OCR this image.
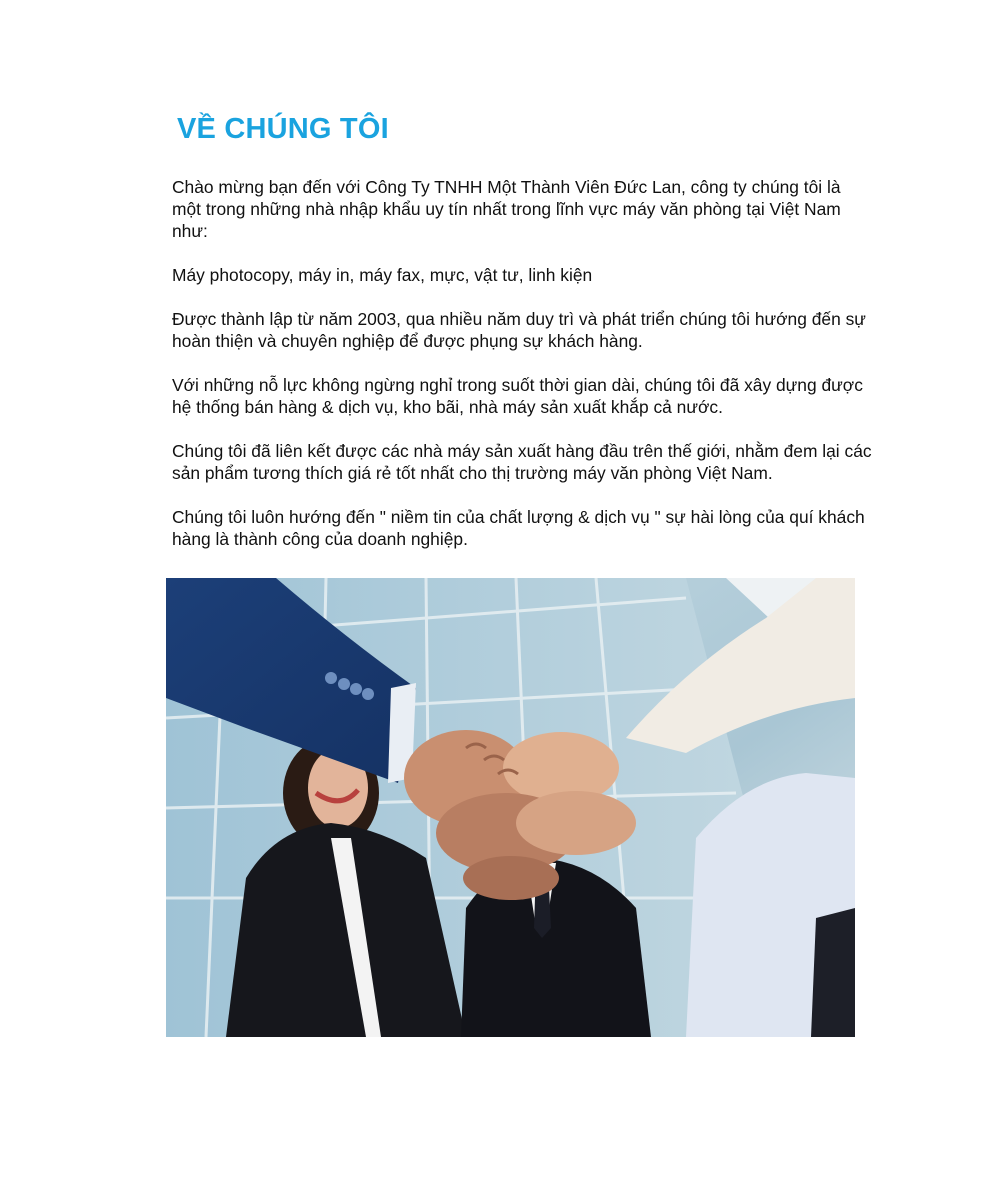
VỀ CHÚNG TÔI

Chào mừng bạn đến với Công Ty TNHH Một Thành Viên Đức Lan, công ty chúng tôi là một trong những nhà nhập khẩu uy tín nhất trong lĩnh vực máy văn phòng tại Việt Nam như:

Máy photocopy, máy in, máy fax, mực, vật tư, linh kiện

Được thành lập từ năm 2003, qua nhiều năm duy trì và phát triển chúng tôi hướng đến sự hoàn thiện và chuyên nghiệp để được phụng sự khách hàng.

Với những nỗ lực không ngừng nghỉ trong suốt thời gian dài, chúng tôi đã xây dựng được hệ thống bán hàng & dịch vụ, kho bãi, nhà máy sản xuất khắp cả nước.

Chúng tôi đã liên kết được các nhà máy sản xuất hàng đầu trên thế giới, nhằm đem lại các sản phẩm tương thích giá rẻ tốt nhất cho thị trường máy văn phòng Việt Nam.

Chúng tôi luôn hướng đến " niềm tin của chất lượng & dịch vụ " sự hài lòng của quí khách hàng là thành công của doanh nghiệp.
